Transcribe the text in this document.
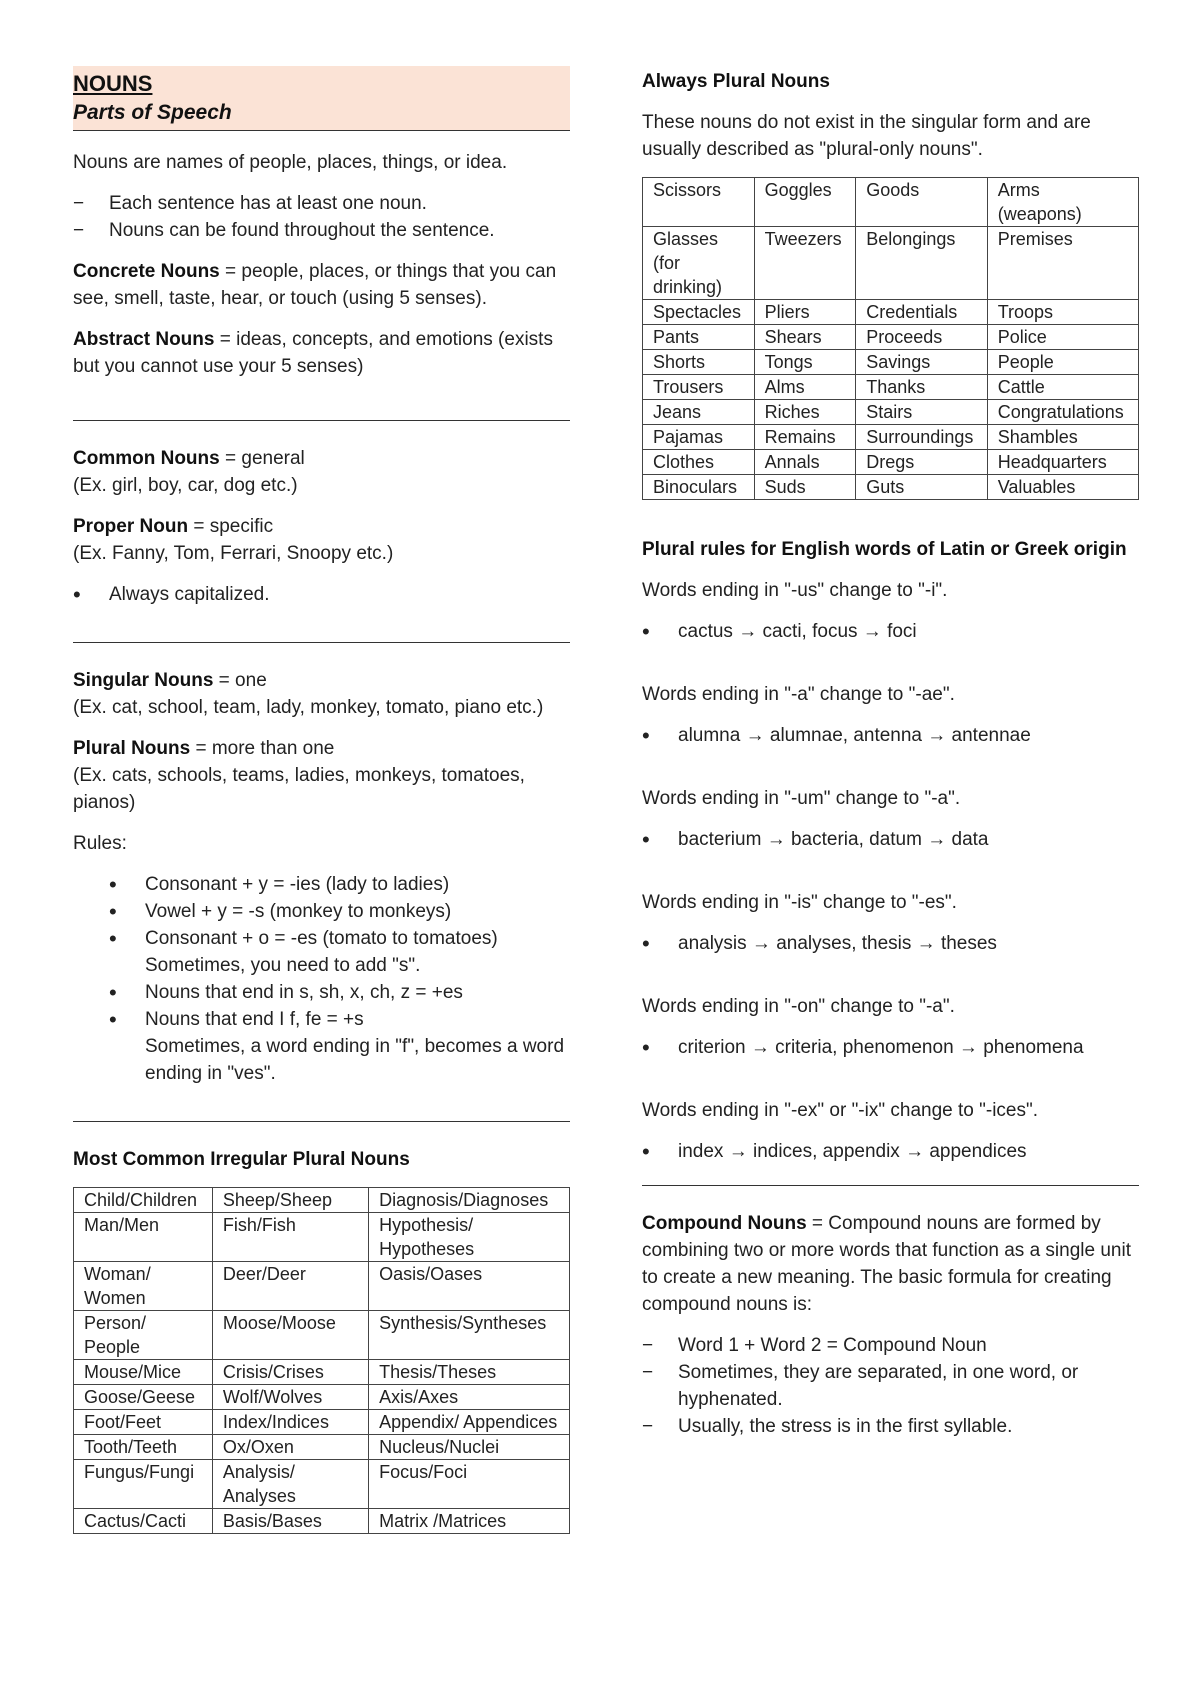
NOUNS
Parts of Speech

Nouns are names of people, places, things, or idea.

− Each sentence has at least one noun.
− Nouns can be found throughout the sentence.

Concrete Nouns = people, places, or things that you can see, smell, taste, hear, or touch (using 5 senses).

Abstract Nouns = ideas, concepts, and emotions (exists but you cannot use your 5 senses)

Common Nouns = general
(Ex. girl, boy, car, dog etc.)

Proper Noun = specific
(Ex. Fanny, Tom, Ferrari, Snoopy etc.)

• Always capitalized.

Singular Nouns = one
(Ex. cat, school, team, lady, monkey, tomato, piano etc.)

Plural Nouns = more than one
(Ex. cats, schools, teams, ladies, monkeys, tomatoes, pianos)

Rules:

• Consonant + y = -ies (lady to ladies)
• Vowel + y = -s (monkey to monkeys)
• Consonant + o = -es (tomato to tomatoes)
Sometimes, you need to add "s".
• Nouns that end in s, sh, x, ch, z = +es
• Nouns that end I f, fe = +s
Sometimes, a word ending in "f", becomes a word ending in "ves".
Most Common Irregular Plural Nouns
Child/Children	Sheep/Sheep	Diagnosis/Diagnoses
Man/Men	Fish/Fish	Hypothesis/ Hypotheses
Woman/ Women	Deer/Deer	Oasis/Oases
Person/ People	Moose/Moose	Synthesis/Syntheses
Mouse/Mice	Crisis/Crises	Thesis/Theses
Goose/Geese	Wolf/Wolves	Axis/Axes
Foot/Feet	Index/Indices	Appendix/ Appendices
Tooth/Teeth	Ox/Oxen	Nucleus/Nuclei
Fungus/Fungi	Analysis/ Analyses	Focus/Foci
Cactus/Cacti	Basis/Bases	Matrix /Matrices
Always Plural Nouns

These nouns do not exist in the singular form and are usually described as "plural-only nouns".

Scissors	Goggles	Goods	Arms (weapons)
Glasses (for drinking)	Tweezers	Belongings	Premises
Spectacles	Pliers	Credentials	Troops
Pants	Shears	Proceeds	Police
Shorts	Tongs	Savings	People
Trousers	Alms	Thanks	Cattle
Jeans	Riches	Stairs	Congratulations
Pajamas	Remains	Surroundings	Shambles
Clothes	Annals	Dregs	Headquarters
Binoculars	Suds	Guts	Valuables
Plural rules for English words of Latin or Greek origin

Words ending in "-us" change to "-i".

• cactus → cacti, focus → foci

Words ending in "-a" change to "-ae".

• alumna → alumnae, antenna → antennae

Words ending in "-um" change to "-a".

• bacterium → bacteria, datum → data

Words ending in "-is" change to "-es".

• analysis → analyses, thesis → theses

Words ending in "-on" change to "-a".

• criterion → criteria, phenomenon → phenomena

Words ending in "-ex" or "-ix" change to "-ices".

• index → indices, appendix → appendices

Compound Nouns = Compound nouns are formed by combining two or more words that function as a single unit to create a new meaning. The basic formula for creating compound nouns is:

− Word 1 + Word 2 = Compound Noun
− Sometimes, they are separated, in one word, or hyphenated.
− Usually, the stress is in the first syllable.
